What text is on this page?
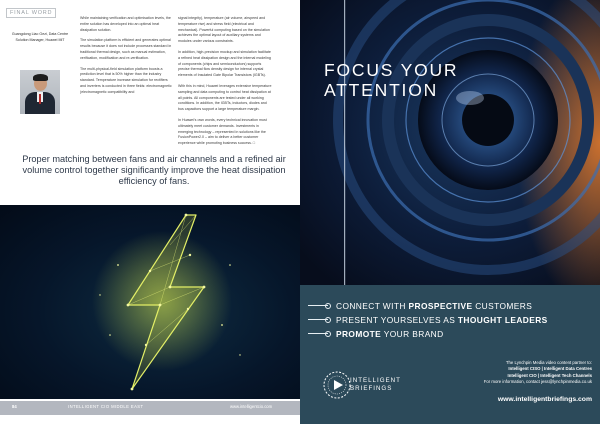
FINAL WORD
Guangdong Liao Gezi, Data Centre Solution Manager, Huawei MiT

While maintaining verification and optimisation levels, the entire solution has developed into an optimal heat dissipation solution.

The simulation platform is efficient and generates optimal results because it does not include processes standard in traditional thermal design, such as manual estimation, verification, modification and re-verification.

The multi-physical-field simulation platform boosts a prediction level that is 50% higher than the industry standard. Temperature increase simulation for rectifiers and inverters is conducted in three fields: electromagnetic (electromagnetic compatibility and

signal integrity), temperature (air volume, airspeed and temperature rise) and stress field (electrical and mechanical). Powerful computing based on the simulation achieves the optimal layout of auxiliary systems and modules under various constraints.

In addition, high-precision mockup and simulation facilitate a refined heat dissipation design and the internal modeling of components (chips and semiconductors) supports precise thermal flow density design for internal crystal elements of Insulated Gate Bipolar Transistors (IGBTs).

With this in mind, Huawei leverages extensive temperature sampling and data computing to control heat dissipation at all points. All components are tested under all working conditions. In addition, the IGBTs, inductors, diodes and bus capacitors support a large temperature margin.

In Huawei's own words, every technical innovation must ultimately meet customer demands. Investments in emerging technology – represented in solutions like the FusionPower2.0 – aim to deliver a better customer experience while promoting business success. □

Proper matching between fans and air channels and a refined air volume control together significantly improve the heat dissipation efficiency of fans.
84	INTELLIGENT CIO MIDDLE EAST	www.intelligentcio.com
FOCUS YOUR
ATTENTION
CONNECT WITH PROSPECTIVE CUSTOMERS
PRESENT YOURSELVES AS THOUGHT LEADERS
PROMOTE YOUR BRAND
INTELLIGENT
BRIEFINGS
The Lynchpin Media video content partner to:
Intelligent CISO | Intelligent Data Centres
Intelligent CIO | Intelligent Tech Channels
For more information, contact jess@lynchpinmedia.co.uk
www.intelligentbriefings.com
